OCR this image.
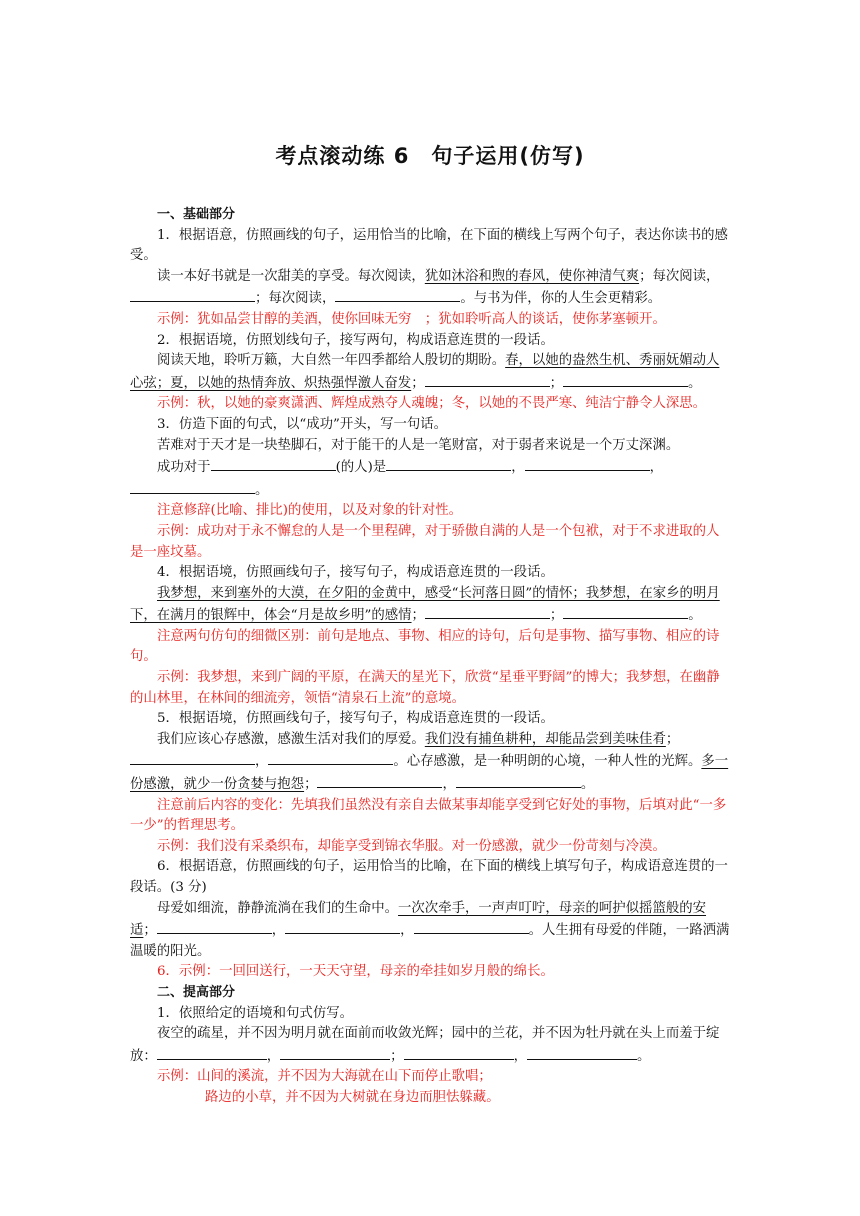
考点滚动练 6　句子运用(仿写)

一、基础部分

1．根据语意，仿照画线的句子，运用恰当的比喻，在下面的横线上写两个句子，表达你读书的感受。

读一本好书就是一次甜美的享受。每次阅读，犹如沐浴和煦的春风，使你神清气爽；每次阅读，；每次阅读，	。与书为伴，你的人生会更精彩。

示例：犹如品尝甘醇的美酒，使你回味无穷　；犹如聆听高人的谈话，使你茅塞顿开。

2．根据语境，仿照划线句子，接写两句，构成语意连贯的一段话。

阅读天地，聆听万籁，大自然一年四季都给人殷切的期盼。春，以她的盎然生机、秀丽妩媚动人心弦；夏，以她的热情奔放、炽热强悍激人奋发；	；	。

示例：秋，以她的豪爽潇洒、辉煌成熟夺人魂魄；冬，以她的不畏严寒、纯洁宁静令人深思。

3．仿造下面的句式，以“成功”开头，写一句话。

苦难对于天才是一块垫脚石，对于能干的人是一笔财富，对于弱者来说是一个万丈深渊。

成功对于	(的人)是	，	，。

注意修辞(比喻、排比)的使用，以及对象的针对性。

示例：成功对于永不懈怠的人是一个里程碑，对于骄傲自满的人是一个包袱，对于不求进取的人是一座坟墓。

4．根据语境，仿照画线句子，接写句子，构成语意连贯的一段话。

我梦想，来到塞外的大漠，在夕阳的金黄中，感受“长河落日圆”的情怀；我梦想，在家乡的明月下，在满月的银辉中，体会“月是故乡明”的感情；	；	。

注意两句仿句的细微区别：前句是地点、事物、相应的诗句，后句是事物、描写事物、相应的诗句。

示例：我梦想，来到广阔的平原，在满天的星光下，欣赏“星垂平野阔”的博大；我梦想，在幽静的山林里，在林间的细流旁，领悟“清泉石上流”的意境。

5．根据语境，仿照画线句子，接写句子，构成语意连贯的一段话。

我们应该心存感激，感激生活对我们的厚爱。我们没有捕鱼耕种，却能品尝到美味佳肴；，	。心存感激，是一种明朗的心境，一种人性的光辉。多一份感激，就少一份贪婪与抱怨；	，	。

注意前后内容的变化：先填我们虽然没有亲自去做某事却能享受到它好处的事物，后填对此“一多一少”的哲理思考。

示例：我们没有采桑织布，却能享受到锦衣华服。对一份感激，就少一份苛刻与冷漠。

6．根据语意，仿照画线的句子，运用恰当的比喻，在下面的横线上填写句子，构成语意连贯的一段话。(3 分)

母爱如细流，静静流淌在我们的生命中。一次次牵手，一声声叮咛，母亲的呵护似摇篮般的安适；	，	，	。人生拥有母爱的伴随，一路洒满温暖的阳光。

6．示例：一回回送行，一天天守望，母亲的牵挂如岁月般的绵长。

二、提高部分

1．依照给定的语境和句式仿写。

夜空的疏星，并不因为明月就在面前而收敛光辉；园中的兰花，并不因为牡丹就在头上而羞于绽放：	，	；	，	。

示例：山间的溪流，并不因为大海就在山下而停止歌唱；

路边的小草，并不因为大树就在身边而胆怯躲藏。
